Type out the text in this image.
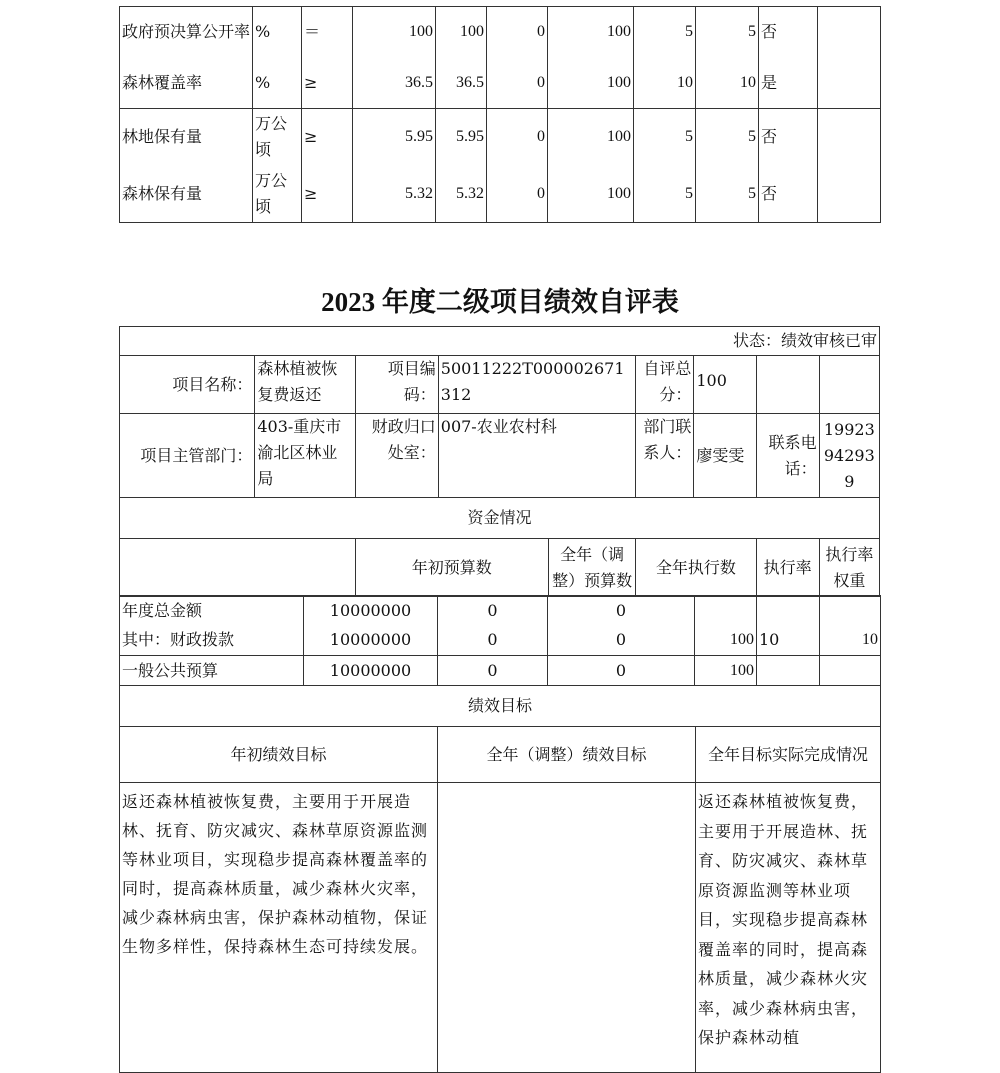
政府预决算公开率	%	＝	100	100	0	100	5	5	否	
森林覆盖率	%	≥	36.5	36.5	0	100	10	10	是	
林地保有量	万公顷	≥	5.95	5.95	0	100	5	5	否	
森林保有量	万公顷	≥	5.32	5.32	0	100	5	5	否	
2023 年度二级项目绩效自评表
状态：绩效审核已审								
项目名称：	森林植被恢复费返还	项目编码：	50011222T000002671312		自评总分：	100		
项目主管部门：	403-重庆市渝北区林业局	财政归口处室：	007-农业农村科		部门联系人：	廖雯雯	联系电话：	19923942939
资金情况								
		年初预算数		全年（调整）预算数	全年执行数		执行率	执行率权重
年度总金额	10000000	0	0			
其中：财政拨款	10000000	0	0	100	10	10
一般公共预算	10000000	0	0	100		
绩效目标		
年初绩效目标	全年（调整）绩效目标	全年目标实际完成情况
返还森林植被恢复费，主要用于开展造林、抚育、防灾减灾、森林草原资源监测等林业项目，实现稳步提高森林覆盖率的同时，提高森林质量，减少森林火灾率，减少森林病虫害，保护森林动植物，保证生物多样性，保持森林生态可持续发展。		返还森林植被恢复费，主要用于开展造林、抚育、防灾减灾、森林草原资源监测等林业项目，实现稳步提高森林覆盖率的同时，提高森林质量，减少森林火灾率，减少森林病虫害，保护森林动植
